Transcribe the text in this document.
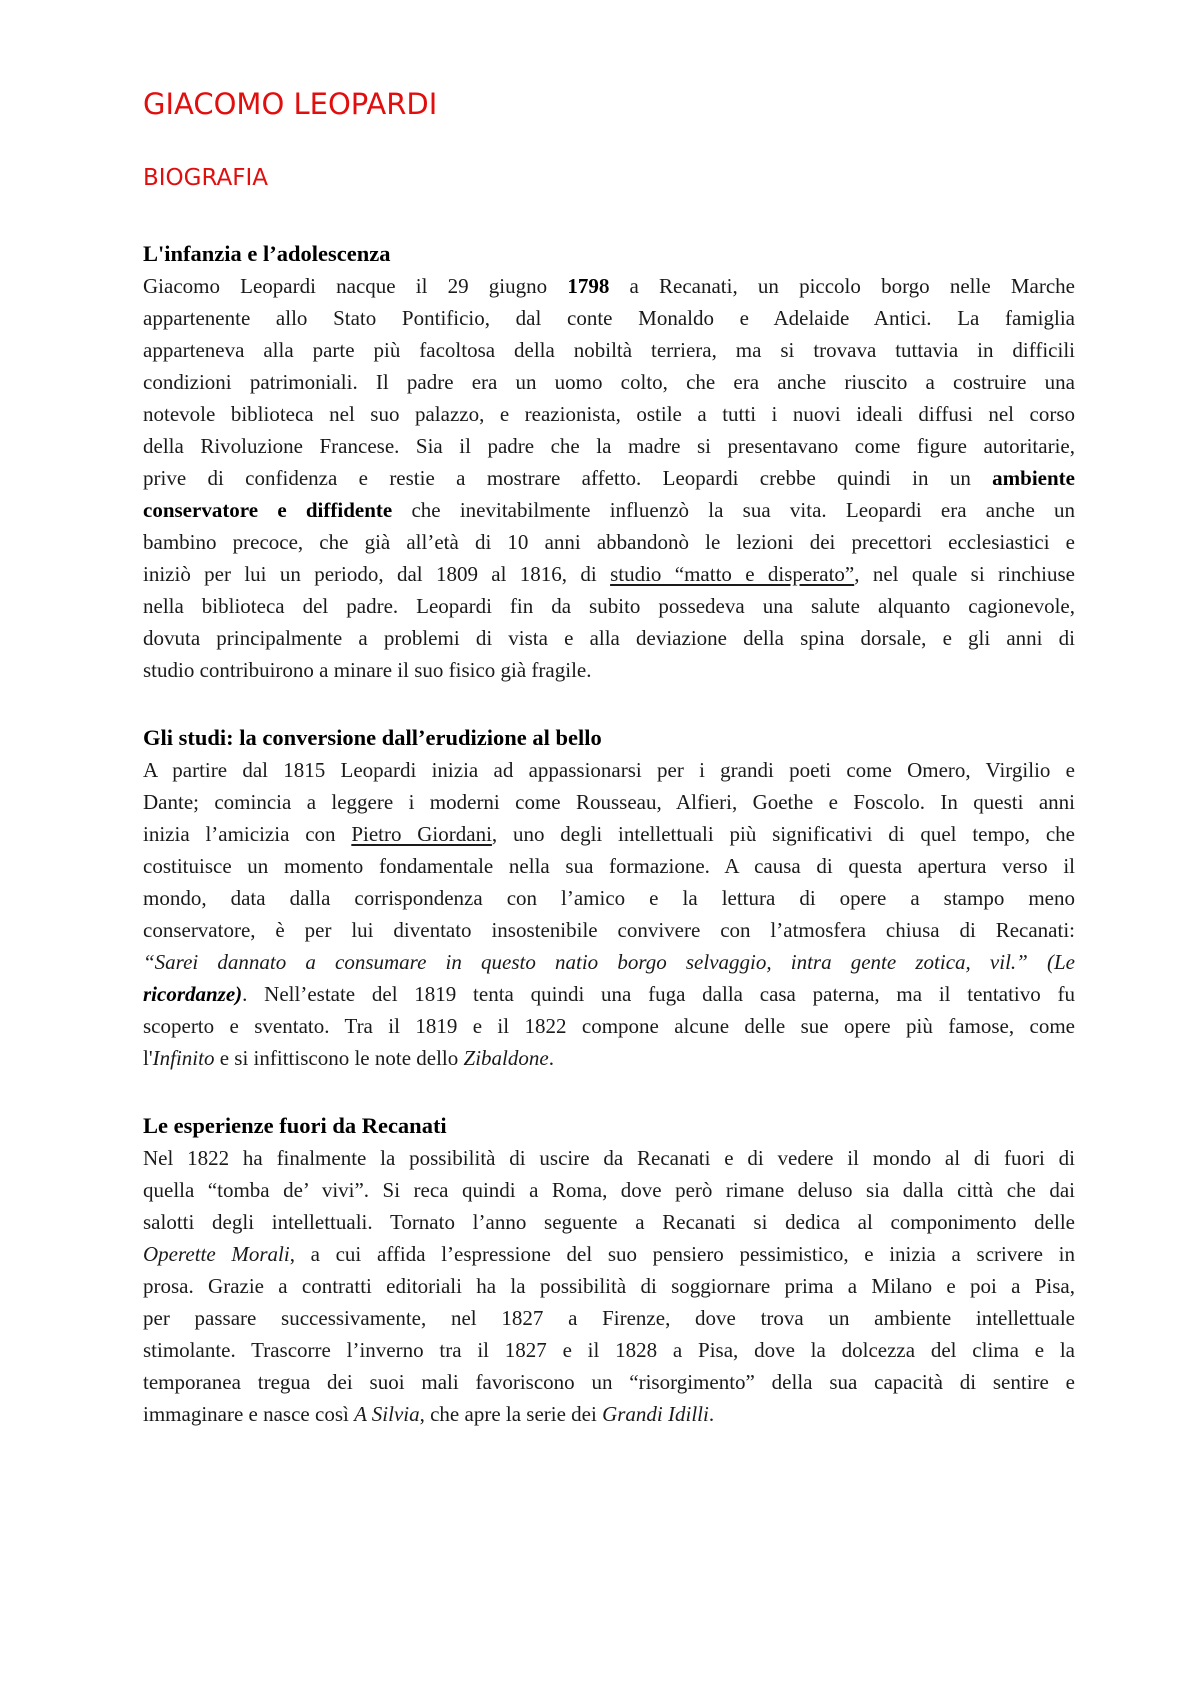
GIACOMO LEOPARDI
BIOGRAFIA
L'infanzia e l’adolescenza
Giacomo Leopardi nacque il 29 giugno 1798 a Recanati, un piccolo borgo nelle Marche
appartenente allo Stato Pontificio, dal conte Monaldo e Adelaide Antici. La famiglia
apparteneva alla parte più facoltosa della nobiltà terriera, ma si trovava tuttavia in difficili
condizioni patrimoniali. Il padre era un uomo colto, che era anche riuscito a costruire una
notevole biblioteca nel suo palazzo, e reazionista, ostile a tutti i nuovi ideali diffusi nel corso
della Rivoluzione Francese. Sia il padre che la madre si presentavano come figure autoritarie,
prive di confidenza e restie a mostrare affetto. Leopardi crebbe quindi in un ambiente
conservatore e diffidente che inevitabilmente influenzò la sua vita. Leopardi era anche un
bambino precoce, che già all’età di 10 anni abbandonò le lezioni dei precettori ecclesiastici e
iniziò per lui un periodo, dal 1809 al 1816, di studio “matto e disperato”, nel quale si rinchiuse
nella biblioteca del padre. Leopardi fin da subito possedeva una salute alquanto cagionevole,
dovuta principalmente a problemi di vista e alla deviazione della spina dorsale, e gli anni di
studio contribuirono a minare il suo fisico già fragile.
Gli studi: la conversione dall’erudizione al bello
A partire dal 1815 Leopardi inizia ad appassionarsi per i grandi poeti come Omero, Virgilio e
Dante; comincia a leggere i moderni come Rousseau, Alfieri, Goethe e Foscolo. In questi anni
inizia l’amicizia con Pietro Giordani, uno degli intellettuali più significativi di quel tempo, che
costituisce un momento fondamentale nella sua formazione. A causa di questa apertura verso il
mondo, data dalla corrispondenza con l’amico e la lettura di opere a stampo meno
conservatore, è per lui diventato insostenibile convivere con l’atmosfera chiusa di Recanati:
“Sarei dannato a consumare in questo natio borgo selvaggio, intra gente zotica, vil.” (Le
ricordanze). Nell’estate del 1819 tenta quindi una fuga dalla casa paterna, ma il tentativo fu
scoperto e sventato. Tra il 1819 e il 1822 compone alcune delle sue opere più famose, come
l'Infinito e si infittiscono le note dello Zibaldone.
Le esperienze fuori da Recanati
Nel 1822 ha finalmente la possibilità di uscire da Recanati e di vedere il mondo al di fuori di
quella “tomba de’ vivi”. Si reca quindi a Roma, dove però rimane deluso sia dalla città che dai
salotti degli intellettuali. Tornato l’anno seguente a Recanati si dedica al componimento delle
Operette Morali, a cui affida l’espressione del suo pensiero pessimistico, e inizia a scrivere in
prosa. Grazie a contratti editoriali ha la possibilità di soggiornare prima a Milano e poi a Pisa,
per passare successivamente, nel 1827 a Firenze, dove trova un ambiente intellettuale
stimolante. Trascorre l’inverno tra il 1827 e il 1828 a Pisa, dove la dolcezza del clima e la
temporanea tregua dei suoi mali favoriscono un “risorgimento” della sua capacità di sentire e
immaginare e nasce così A Silvia, che apre la serie dei Grandi Idilli.
